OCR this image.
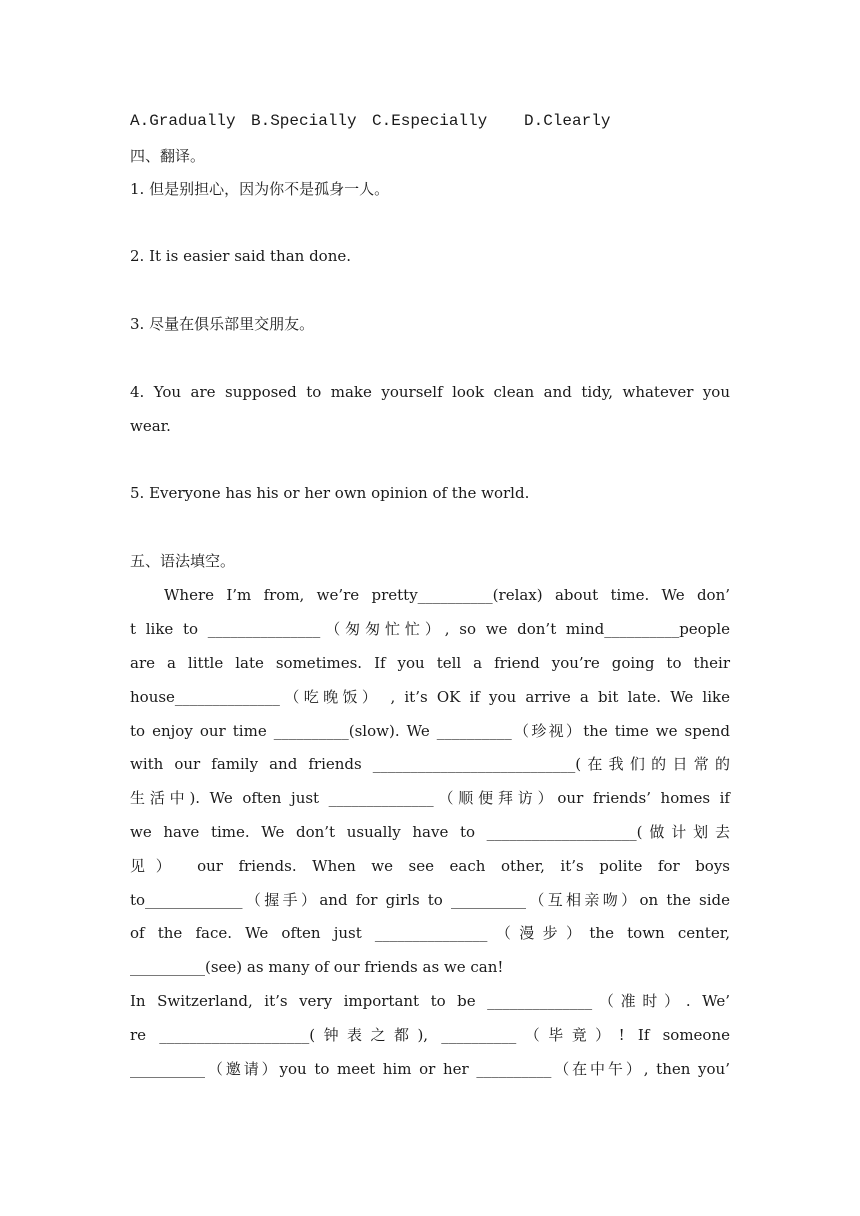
A.Gradually B.Specially C.Especially D.Clearly
四、翻译。
1. 但是别担心，因为你不是孤身一人。
2. It is easier said than done.
3. 尽量在俱乐部里交朋友。
4. You are supposed to make yourself look clean and tidy, whatever you
wear.
5. Everyone has his or her own opinion of the world.
五、语法填空。
Where I’m from, we’re pretty__________(relax) about time. We don’
t like to _______________（匆匆忙忙）, so we don’t mind__________people
are a little late sometimes. If you tell a friend you’re going to their
house______________（吃晚饭） , it’s OK if you arrive a bit late. We like
to enjoy our time __________(slow). We __________（珍视）the time we spend
with our family and friends ___________________________(在我们的日常的
生活中). We often just ______________（顺便拜访）our friends’ homes if
we have time. We don’t usually have to ____________________(做计划去
见） our friends. When we see each other, it’s polite for boys
to_____________（握手）and for girls to __________（互相亲吻）on the side
of the face. We often just _______________（漫步）the town center,
__________(see) as many of our friends as we can!
In Switzerland, it’s very important to be ______________（准时）. We’
re ____________________(钟表之都), __________（毕竟）! If someone
__________（邀请）you to meet him or her __________（在中午）, then you’
